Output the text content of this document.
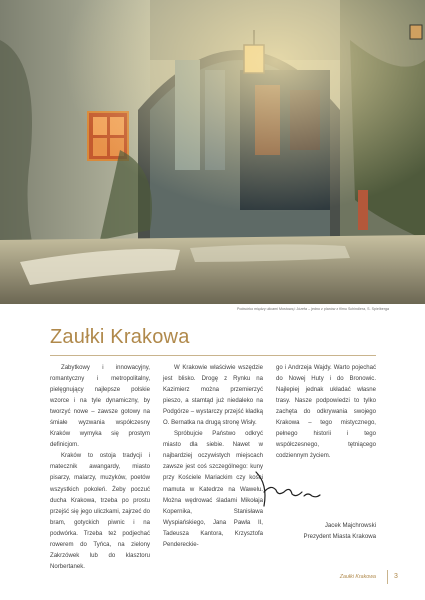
Podwórko między ulicami Mostową i Józefa – jedno z planów z filmu Schindlera, S. Spielberga
Zaułki Krakowa

Zabytkowy i innowacyjny, romantyczny i metropolitalny, pielęgnujący najlepsze polskie wzorce i na tyle dynamiczny, by tworzyć nowe – zawsze gotowy na śmiałe wyzwania współczesny Kraków wymyka się prostym definicjom.

Kraków to ostoja tradycji i matecznik awangardy, miasto pisarzy, malarzy, muzyków, poetów wszystkich pokoleń. Żeby poczuć ducha Krakowa, trzeba po prostu przejść się jego uliczkami, zajrzeć do bram, gotyckich piwnic i na podwórka. Trzeba też podjechać rowerem do Tyńca, na zielony Zakrzówek lub do klasztoru Norbertanek.

W Krakowie właściwie wszędzie jest blisko. Drogę z Rynku na Kazimierz można przemierzyć pieszo, a stamtąd już niedaleko na Podgórze – wystarczy przejść kładką O. Bernatka na drugą stronę Wisły.

Spróbujcie Państwo odkryć miasto dla siebie. Nawet w najbardziej oczywistych miejscach zawsze jest coś szczególnego: kuny przy Kościele Mariackim czy kości mamuta w Katedrze na Wawelu. Można wędrować śladami Mikołaja Kopernika, Stanisława Wyspiańskiego, Jana Pawła II, Tadeusza Kantora, Krzysztofa Pendereckie-

go i Andrzeja Wajdy. Warto pojechać do Nowej Huty i do Bronowic. Najlepiej jednak układać własne trasy. Nasze podpowiedzi to tylko zachęta do odkrywania swojego Krakowa – tego mistycznego, pełnego historii i tego współczesnego, tętniącego codziennym życiem.

Jacek Majchrowski
Prezydent Miasta Krakowa
Zaułki Krakowa	3
